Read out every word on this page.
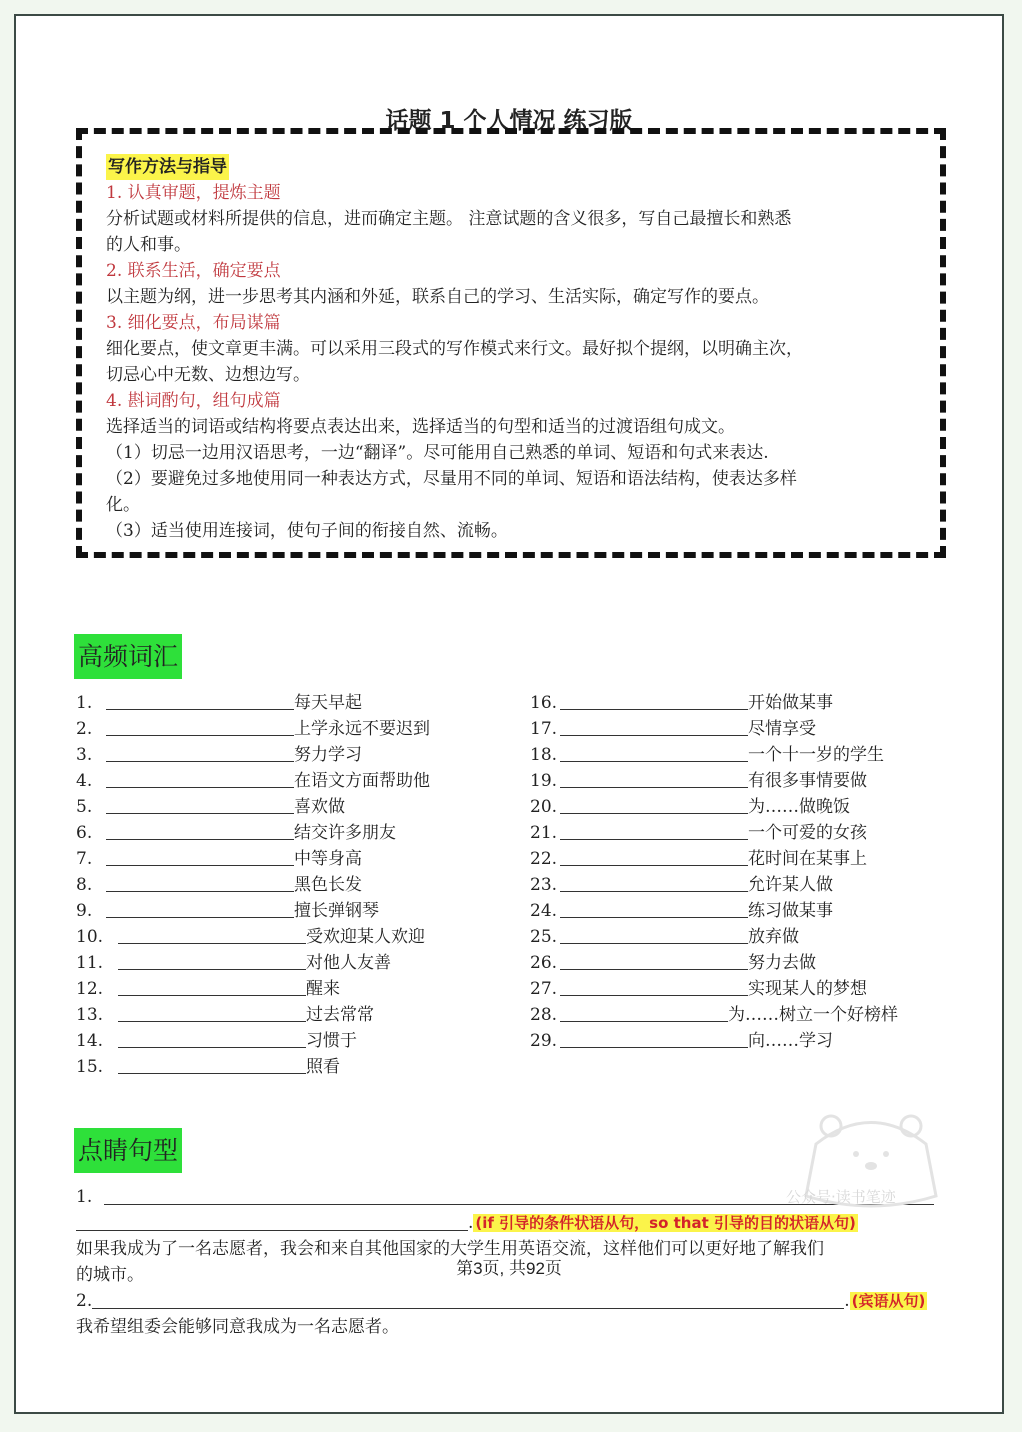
话题 1 个人情况 练习版
写作方法与指导

1. 认真审题，提炼主题

分析试题或材料所提供的信息，进而确定主题。 注意试题的含义很多，写自己最擅长和熟悉

的人和事。

2. 联系生活，确定要点

以主题为纲，进一步思考其内涵和外延，联系自己的学习、生活实际，确定写作的要点。

3. 细化要点，布局谋篇

细化要点，使文章更丰满。可以采用三段式的写作模式来行文。最好拟个提纲，以明确主次，

切忌心中无数、边想边写。

4. 斟词酌句，组句成篇

选择适当的词语或结构将要点表达出来，选择适当的句型和适当的过渡语组句成文。

（1）切忌一边用汉语思考，一边“翻译”。尽可能用自己熟悉的单词、短语和句式来表达.

（2）要避免过多地使用同一种表达方式，尽量用不同的单词、短语和语法结构，使表达多样

化。

（3）适当使用连接词，使句子间的衔接自然、流畅。

高频词汇
1.	每天早起
2.	上学永远不要迟到
3.	努力学习
4.	在语文方面帮助他
5.	喜欢做
6.	结交许多朋友
7.	中等身高
8.	黑色长发
9.	擅长弹钢琴
10.	受欢迎某人欢迎
11.	对他人友善
12.	醒来
13.	过去常常
14.	习惯于
15.	照看
16.	开始做某事
17.	尽情享受
18.	一个十一岁的学生
19.	有很多事情要做
20.	为……做晚饭
21.	一个可爱的女孩
22.	花时间在某事上
23.	允许某人做
24.	练习做某事
25.	放弃做
26.	努力去做
27.	实现某人的梦想
28.	为……树立一个好榜样
29.	向……学习
点睛句型
1.
. (if 引导的条件状语从句，so that 引导的目的状语从句)
如果我成为了一名志愿者，我会和来自其他国家的大学生用英语交流，这样他们可以更好地了解我们
的城市。
2.	. (宾语从句)
我希望组委会能够同意我成为一名志愿者。
公众号·读书笔迹
第3页, 共92页
